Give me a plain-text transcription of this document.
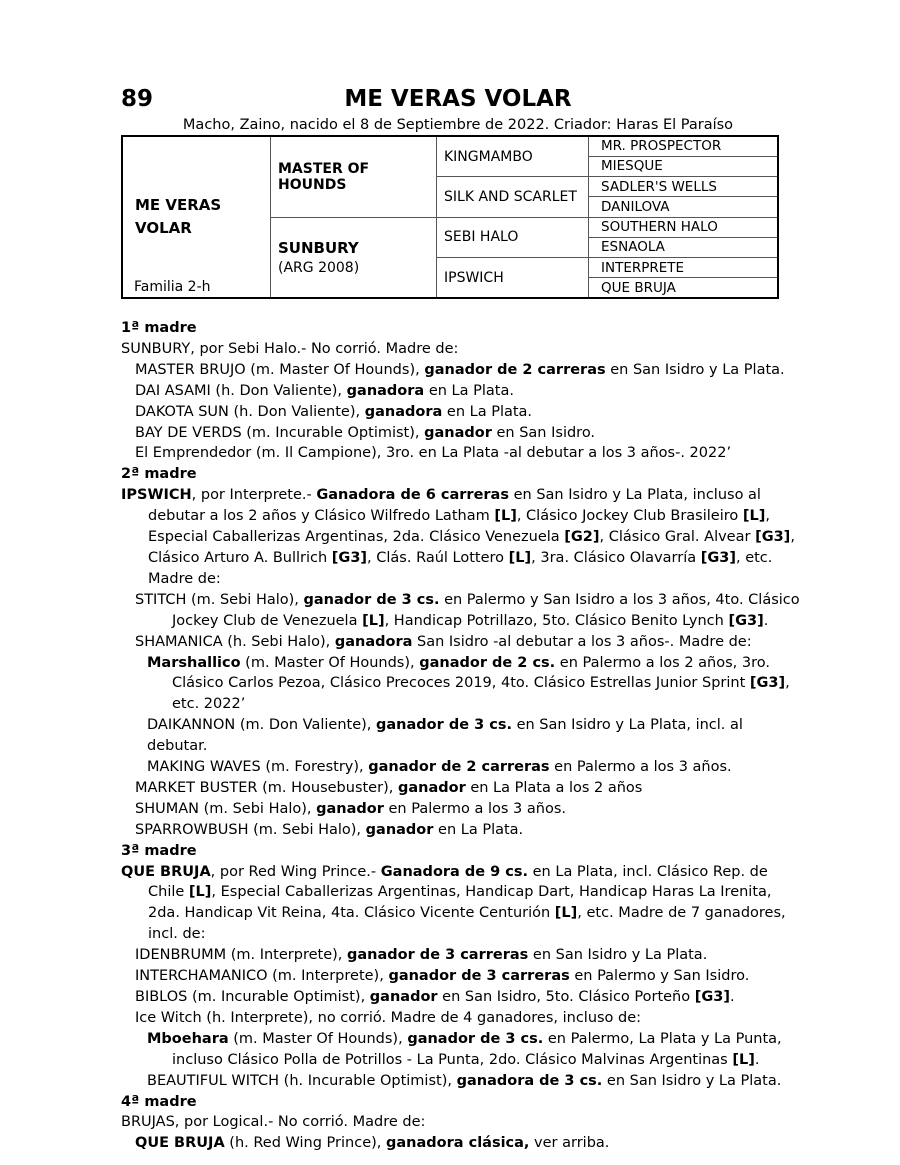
89	ME VERAS VOLAR
Macho, Zaino, nacido el 8 de Septiembre de 2022. Criador: Haras El Paraíso
ME VERAS VOLAR
Familia 2-h	MASTER OF HOUNDS	KINGMAMBO	MR. PROSPECTOR
			MIESQUE
		SILK AND SCARLET	SADLER'S WELLS
			DANILOVA

	SUNBURY
(ARG 2008)	SEBI HALO	SOUTHERN HALO
			ESNAOLA
		IPSWICH	INTERPRETE
			QUE BRUJA

1ª madre

SUNBURY, por Sebi Halo.- No corrió. Madre de:

MASTER BRUJO (m. Master Of Hounds), ganador de 2 carreras en San Isidro y La Plata.

DAI ASAMI (h. Don Valiente), ganadora en La Plata.

DAKOTA SUN (h. Don Valiente), ganadora en La Plata.

BAY DE VERDS (m. Incurable Optimist), ganador en San Isidro.

El Emprendedor (m. Il Campione), 3ro. en La Plata -al debutar a los 3 años-. 2022’

2ª madre

IPSWICH, por Interprete.- Ganadora de 6 carreras en San Isidro y La Plata, incluso al debutar a los 2 años y Clásico Wilfredo Latham [L], Clásico Jockey Club Brasileiro [L], Especial Caballerizas Argentinas, 2da. Clásico Venezuela [G2], Clásico Gral. Alvear [G3], Clásico Arturo A. Bullrich [G3], Clás. Raúl Lottero [L], 3ra. Clásico Olavarría [G3], etc. Madre de:

STITCH (m. Sebi Halo), ganador de 3 cs. en Palermo y San Isidro a los 3 años, 4to. Clásico Jockey Club de Venezuela [L], Handicap Potrillazo, 5to. Clásico Benito Lynch [G3].

SHAMANICA (h. Sebi Halo), ganadora San Isidro -al debutar a los 3 años-. Madre de:

Marshallico (m. Master Of Hounds), ganador de 2 cs. en Palermo a los 2 años, 3ro. Clásico Carlos Pezoa, Clásico Precoces 2019, 4to. Clásico Estrellas Junior Sprint [G3], etc. 2022’

DAIKANNON (m. Don Valiente), ganador de 3 cs. en San Isidro y La Plata, incl. al debutar.

MAKING WAVES (m. Forestry), ganador de 2 carreras en Palermo a los 3 años.

MARKET BUSTER (m. Housebuster), ganador en La Plata a los 2 años

SHUMAN (m. Sebi Halo), ganador en Palermo a los 3 años.

SPARROWBUSH (m. Sebi Halo), ganador en La Plata.

3ª madre

QUE BRUJA, por Red Wing Prince.- Ganadora de 9 cs. en La Plata, incl. Clásico Rep. de Chile [L], Especial Caballerizas Argentinas, Handicap Dart, Handicap Haras La Irenita, 2da. Handicap Vit Reina, 4ta. Clásico Vicente Centurión [L], etc. Madre de 7 ganadores, incl. de:

IDENBRUMM (m. Interprete), ganador de 3 carreras en San Isidro y La Plata.

INTERCHAMANICO (m. Interprete), ganador de 3 carreras en Palermo y San Isidro.

BIBLOS (m. Incurable Optimist), ganador en San Isidro, 5to. Clásico Porteño [G3].

Ice Witch (h. Interprete), no corrió. Madre de 4 ganadores, incluso de:

Mboehara (m. Master Of Hounds), ganador de 3 cs. en Palermo, La Plata y La Punta, incluso Clásico Polla de Potrillos - La Punta, 2do. Clásico Malvinas Argentinas [L].

BEAUTIFUL WITCH (h. Incurable Optimist), ganadora de 3 cs. en San Isidro y La Plata.

4ª madre

BRUJAS, por Logical.- No corrió. Madre de:

QUE BRUJA (h. Red Wing Prince), ganadora clásica, ver arriba.
